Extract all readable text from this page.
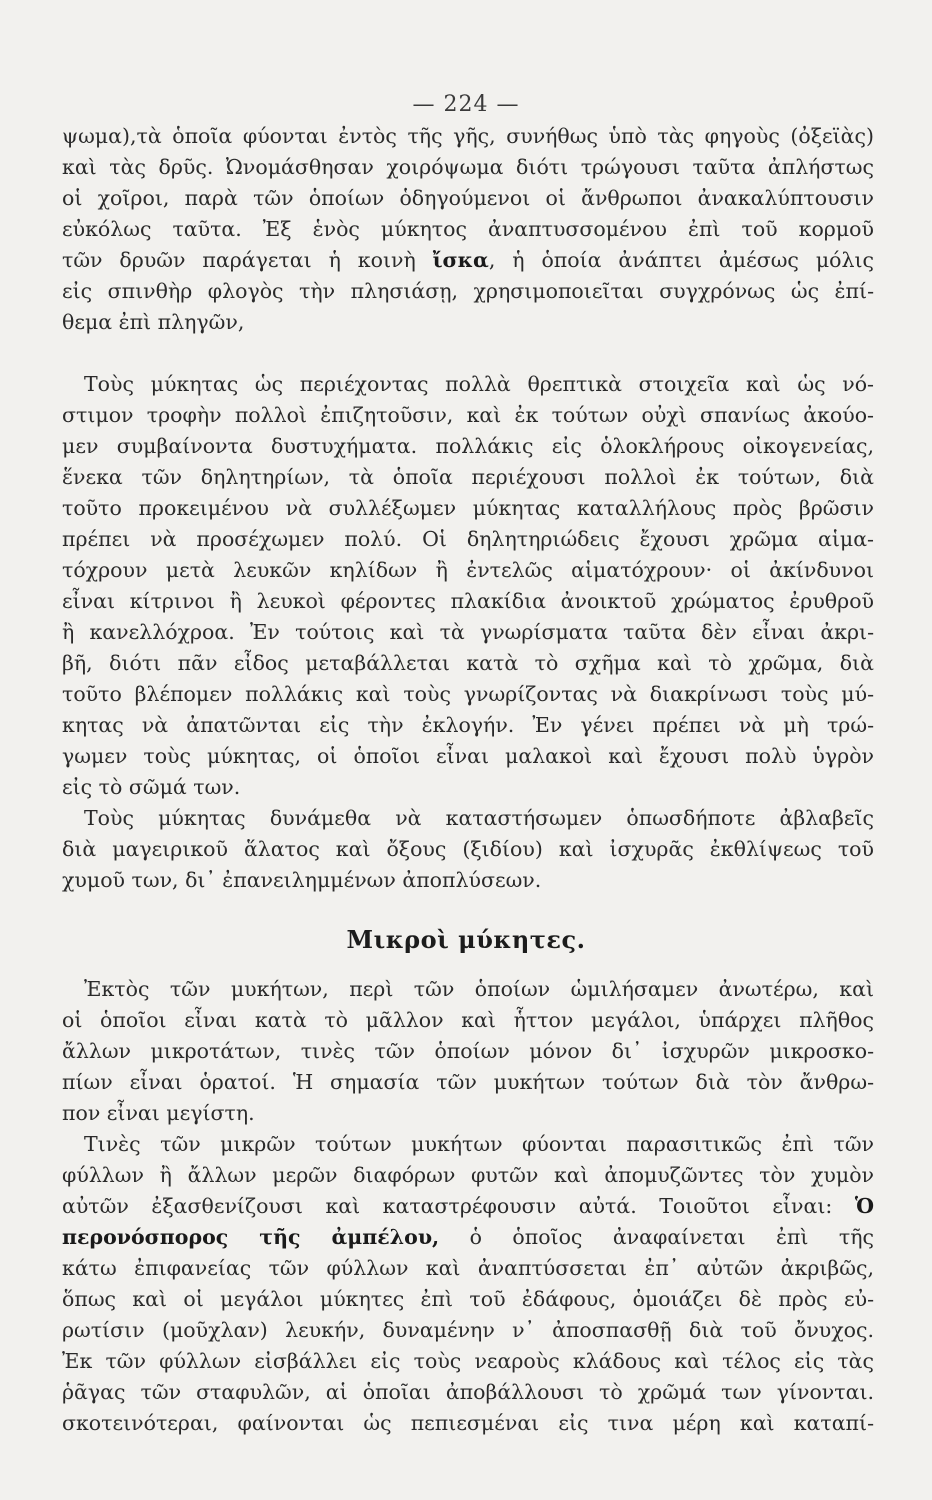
— 224 —
ψωμα),τὰ ὁποῖα φύονται ἐντὸς τῆς γῆς, συνήθως ὑπὸ τὰς φηγοὺς (ὀξεϊὰς)
καὶ τὰς δρῦς. Ὠνομάσθησαν χοιρόψωμα διότι τρώγουσι ταῦτα ἀπλήστως
οἱ χοῖροι, παρὰ τῶν ὁποίων ὁδηγούμενοι οἱ ἄνθρωποι ἀνακαλύπτουσιν
εὐκόλως ταῦτα. Ἐξ ἑνὸς μύκητος ἀναπτυσσομένου ἐπὶ τοῦ κορμοῦ
τῶν δρυῶν παράγεται ἡ κοινὴ ἴσκα, ἡ ὁποία ἀνάπτει ἀμέσως μόλις
εἰς σπινθὴρ φλογὸς τὴν πλησιάσῃ, χρησιμοποιεῖται συγχρόνως ὡς ἐπί-
θεμα ἐπὶ πληγῶν,
Τοὺς μύκητας ὡς περιέχοντας πολλὰ θρεπτικὰ στοιχεῖα καὶ ὡς νό-
στιμον τροφὴν πολλοὶ ἐπιζητοῦσιν, καὶ ἐκ τούτων οὐχὶ σπανίως ἀκούο-
μεν συμβαίνοντα δυστυχήματα. πολλάκις εἰς ὁλοκλήρους οἰκογενείας,
ἕνεκα τῶν δηλητηρίων, τὰ ὁποῖα περιέχουσι πολλοὶ ἐκ τούτων, διὰ
τοῦτο προκειμένου νὰ συλλέξωμεν μύκητας καταλλήλους πρὸς βρῶσιν
πρέπει νὰ προσέχωμεν πολύ. Οἱ δηλητηριώδεις ἔχουσι χρῶμα αἱμα-
τόχρουν μετὰ λευκῶν κηλίδων ἢ ἐντελῶς αἱματόχρουν· οἱ ἀκίνδυνοι
εἶναι κίτρινοι ἢ λευκοὶ φέροντες πλακίδια ἀνοικτοῦ χρώματος ἐρυθροῦ
ἢ κανελλόχροα. Ἐν τούτοις καὶ τὰ γνωρίσματα ταῦτα δὲν εἶναι ἀκρι-
βῆ, διότι πᾶν εἶδος μεταβάλλεται κατὰ τὸ σχῆμα καὶ τὸ χρῶμα, διὰ
τοῦτο βλέπομεν πολλάκις καὶ τοὺς γνωρίζοντας νὰ διακρίνωσι τοὺς μύ-
κητας νὰ ἀπατῶνται εἰς τὴν ἐκλογήν. Ἐν γένει πρέπει νὰ μὴ τρώ-
γωμεν τοὺς μύκητας, οἱ ὁποῖοι εἶναι μαλακοὶ καὶ ἔχουσι πολὺ ὑγρὸν
εἰς τὸ σῶμά των.
Τοὺς μύκητας δυνάμεθα νὰ καταστήσωμεν ὁπωσδήποτε ἀβλαβεῖς
διὰ μαγειρικοῦ ἅλατος καὶ ὄξους (ξιδίου) καὶ ἰσχυρᾶς ἐκθλίψεως τοῦ
χυμοῦ των, δι᾽ ἐπανειλημμένων ἀποπλύσεων.
Μικροὶ μύκητες.
Ἐκτὸς τῶν μυκήτων, περὶ τῶν ὁποίων ὡμιλήσαμεν ἀνωτέρω, καὶ
οἱ ὁποῖοι εἶναι κατὰ τὸ μᾶλλον καὶ ἧττον μεγάλοι, ὑπάρχει πλῆθος
ἄλλων μικροτάτων, τινὲς τῶν ὁποίων μόνον δι᾽ ἰσχυρῶν μικροσκο-
πίων εἶναι ὁρατοί. Ἡ σημασία τῶν μυκήτων τούτων διὰ τὸν ἄνθρω-
πον εἶναι μεγίστη.
Τινὲς τῶν μικρῶν τούτων μυκήτων φύονται παρασιτικῶς ἐπὶ τῶν
φύλλων ἢ ἄλλων μερῶν διαφόρων φυτῶν καὶ ἀπομυζῶντες τὸν χυμὸν
αὐτῶν ἐξασθενίζουσι καὶ καταστρέφουσιν αὐτά. Τοιοῦτοι εἶναι: Ὁ
περονόσπορος τῆς ἀμπέλου, ὁ ὁποῖος ἀναφαίνεται ἐπὶ τῆς
κάτω ἐπιφανείας τῶν φύλλων καὶ ἀναπτύσσεται ἐπ᾽ αὐτῶν ἀκριβῶς,
ὅπως καὶ οἱ μεγάλοι μύκητες ἐπὶ τοῦ ἐδάφους, ὁμοιάζει δὲ πρὸς εὐ-
ρωτίσιν (μοῦχλαν) λευκήν, δυναμένην ν᾽ ἀποσπασθῇ διὰ τοῦ ὄνυχος.
Ἐκ τῶν φύλλων εἰσβάλλει εἰς τοὺς νεαροὺς κλάδους καὶ τέλος εἰς τὰς
ῥᾶγας τῶν σταφυλῶν, αἱ ὁποῖαι ἀποβάλλουσι τὸ χρῶμά των γίνονται.
σκοτεινότεραι, φαίνονται ὡς πεπιεσμέναι εἰς τινα μέρη καὶ καταπί-
